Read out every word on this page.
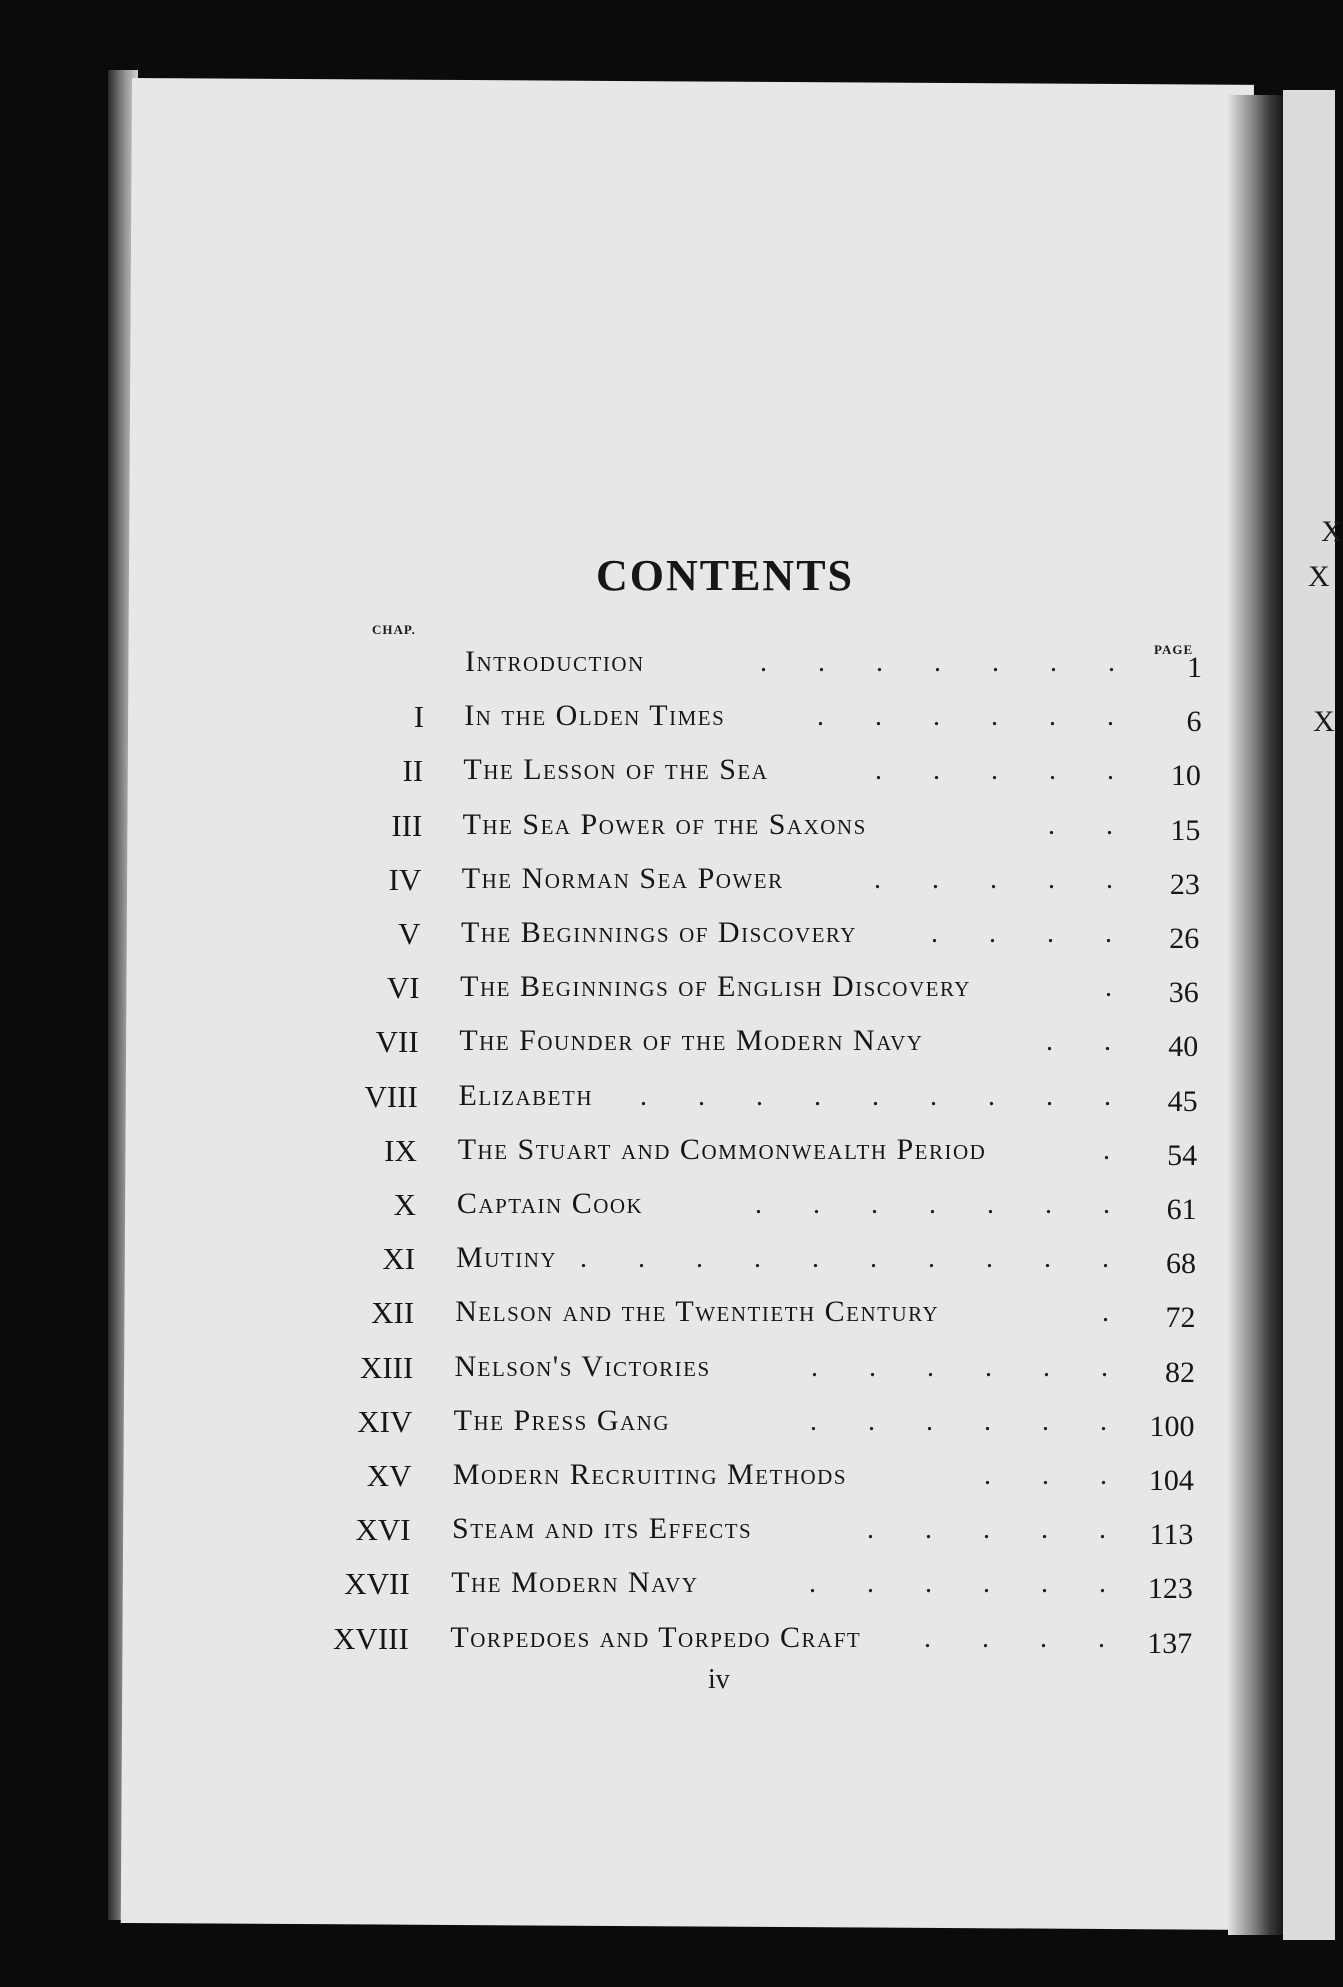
X
X
X
CONTENTS
CHAP.
PAGE
Introduction	. . . . . . .	1
I In the Olden Times	. . . . . .	6
II The Lesson of the Sea	. . . . .	10
III The Sea Power of the Saxons	. .	15
IV The Norman Sea Power	. . . . .	23
V The Beginnings of Discovery	. . . .	26
VI The Beginnings of English Discovery	.	36
VII The Founder of the Modern Navy	. .	40
VIII Elizabeth . . . . . . . . .	45
IX The Stuart and Commonwealth Period	.	54
X Captain Cook	. . . . . . .	61
XI Mutiny . . . . . . . . . .	68
XII Nelson and the Twentieth Century	.	72
XIII Nelson's Victories	. . . . . .	82
XIV The Press Gang	. . . . . . 100
XV Modern Recruiting Methods	. . . 104
XVI Steam and its Effects	. . . . . 113
XVII The Modern Navy	. . . . . . 123
XVIII Torpedoes and Torpedo Craft . . . . 137
iv
